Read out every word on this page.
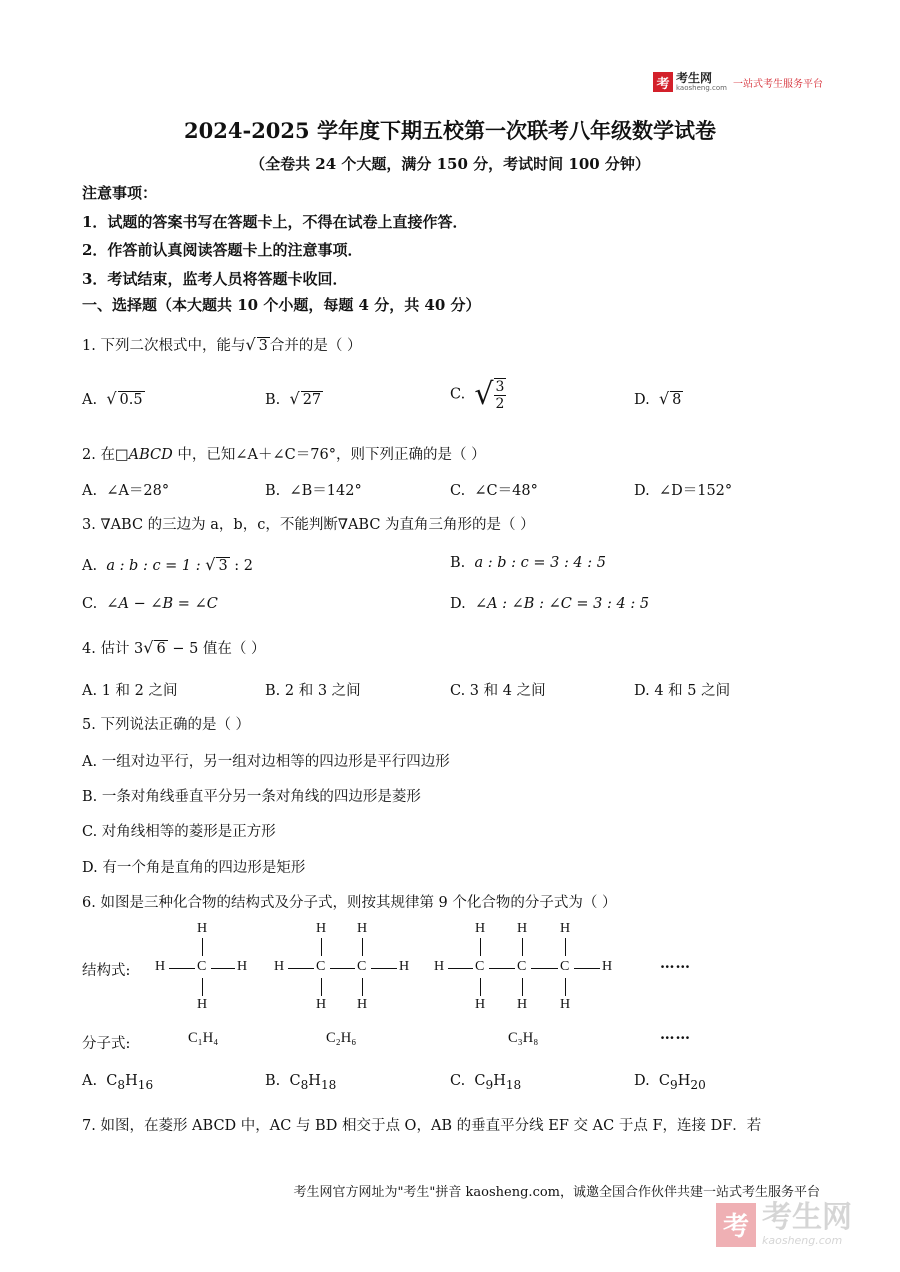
考 考生网
kaosheng.com 一站式考生服务平台
2024-2025 学年度下期五校第一次联考八年级数学试卷
（全卷共 24 个大题，满分 150 分，考试时间 100 分钟）
注意事项：
1．试题的答案书写在答题卡上，不得在试卷上直接作答．
2．作答前认真阅读答题卡上的注意事项．
3．考试结束，监考人员将答题卡收回．
一、选择题（本大题共 10 个小题，每题 4 分，共 40 分）
1. 下列二次根式中，能与√ 3 合并的是（ ）
A. √ 0.5	B. √ 27	C. √ $\frac{3}{2}$	D. √ 8
2. 在□ABCD 中，已知∠A＋∠C＝76°，则下列正确的是（ ）
A. ∠A＝28°	B. ∠B＝142°	C. ∠C＝48°	D. ∠D＝152°
3. ∇ABC 的三边为 a，b，c，不能判断∇ABC 为直角三角形的是（ ）
A. a : b : c = 1 : √ 3 : 2	B. a : b : c = 3 : 4 : 5
C. ∠A − ∠B = ∠C	D. ∠A : ∠B : ∠C = 3 : 4 : 5
4. 估计 3√ 6 − 5 值在（ ）
A. 1 和 2 之间	B. 2 和 3 之间	C. 3 和 4 之间	D. 4 和 5 之间
5. 下列说法正确的是（ ）
A. 一组对边平行，另一组对边相等的四边形是平行四边形
B. 一条对角线垂直平分另一条对角线的四边形是菱形
C. 对角线相等的菱形是正方形
D. 有一个角是直角的四边形是矩形
6. 如图是三种化合物的结构式及分子式，则按其规律第 9 个化合物的分子式为（ ）
结构式:
H
H C H
H
H H
H C C H
H H
H H H
H C C C H
H H H
……
分子式:	C₁H₄	C₂H₆	C₃H₈	……
A.  $C_8H_{16}$	B.  $C_8H_{18}$	C.  $C_9H_{18}$	D.  $C_9H_{20}$
7. 如图，在菱形 ABCD 中，AC 与 BD 相交于点 O，AB 的垂直平分线 EF 交 AC 于点 F，连接 DF．若
考生网官方网址为"考生"拼音 kaosheng.com，诚邀全国合作伙伴共建一站式考生服务平台
考 考生网
kaosheng.com
